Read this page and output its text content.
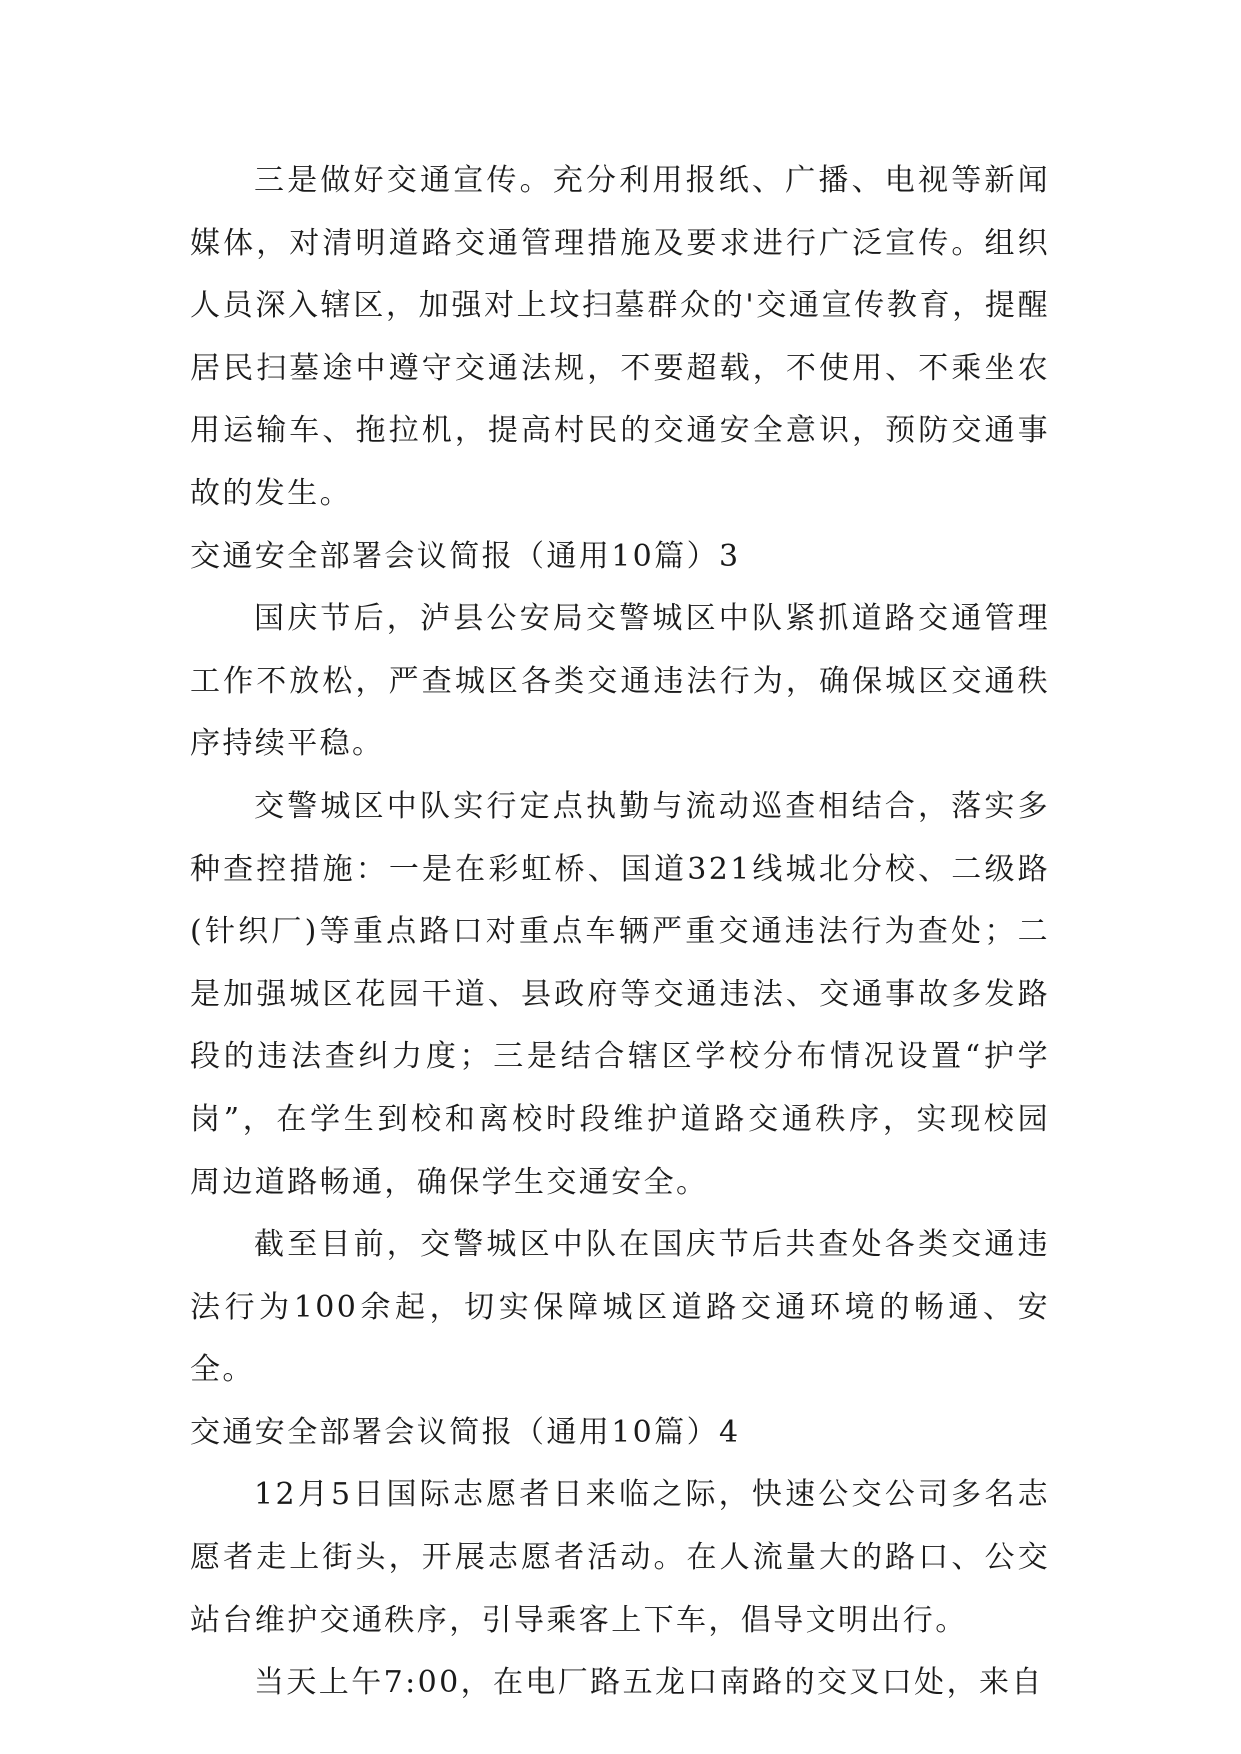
三是做好交通宣传。充分利用报纸、广播、电视等新闻媒体，对清明道路交通管理措施及要求进行广泛宣传。组织人员深入辖区，加强对上坟扫墓群众的'交通宣传教育，提醒居民扫墓途中遵守交通法规，不要超载，不使用、不乘坐农用运输车、拖拉机，提高村民的交通安全意识，预防交通事故的发生。

交通安全部署会议简报（通用10篇）3

国庆节后，泸县公安局交警城区中队紧抓道路交通管理工作不放松，严查城区各类交通违法行为，确保城区交通秩序持续平稳。

交警城区中队实行定点执勤与流动巡查相结合，落实多种查控措施：一是在彩虹桥、国道321线城北分校、二级路(针织厂)等重点路口对重点车辆严重交通违法行为查处；二是加强城区花园干道、县政府等交通违法、交通事故多发路段的违法查纠力度；三是结合辖区学校分布情况设置“护学岗”，在学生到校和离校时段维护道路交通秩序，实现校园周边道路畅通，确保学生交通安全。

截至目前，交警城区中队在国庆节后共查处各类交通违法行为100余起，切实保障城区道路交通环境的畅通、安全。

交通安全部署会议简报（通用10篇）4

12月5日国际志愿者日来临之际，快速公交公司多名志愿者走上街头，开展志愿者活动。在人流量大的路口、公交站台维护交通秩序，引导乘客上下车，倡导文明出行。

当天上午7:00，在电厂路五龙口南路的交叉口处，来自
